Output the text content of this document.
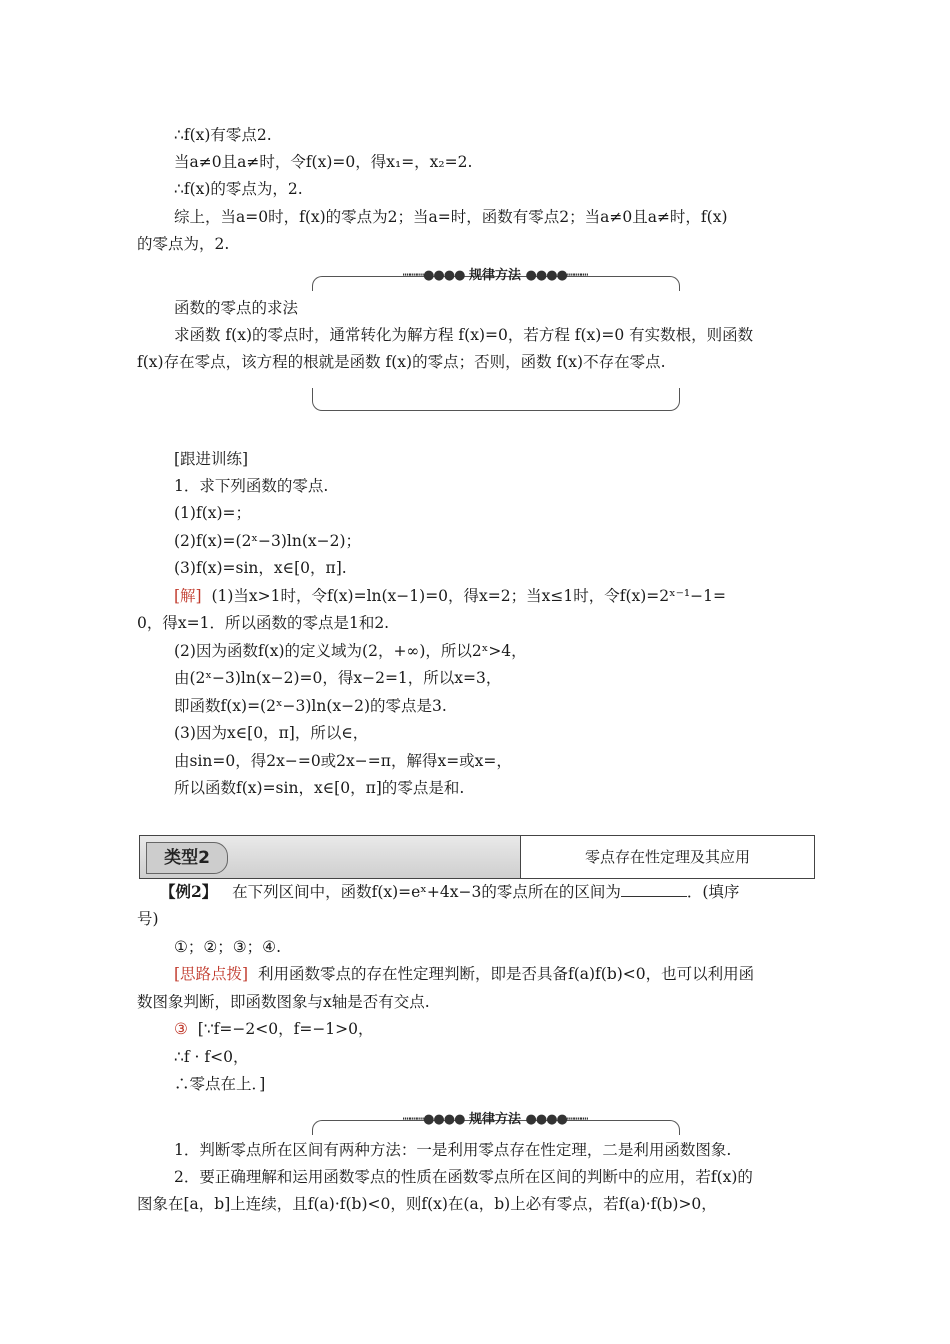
∴f(x)有零点2.
当a≠0且a≠时，令f(x)=0，得x₁=，x₂=2.
∴f(x)的零点为，2.
综上，当a=0时，f(x)的零点为2；当a=时，函数有零点2；当a≠0且a≠时，f(x)
的零点为，2.
┉┉┉●●●● 规律方法 ●●●●┉┉┉
函数的零点的求法
求函数 f(x)的零点时，通常转化为解方程 f(x)=0，若方程 f(x)=0 有实数根，则函数
f(x)存在零点，该方程的根就是函数 f(x)的零点；否则，函数 f(x)不存在零点.
[跟进训练]
1．求下列函数的零点.
(1)f(x)=；
(2)f(x)=(2ˣ−3)ln(x−2)；
(3)f(x)=sin，x∈[0，π].
[解] (1)当x>1时，令f(x)=ln(x−1)=0，得x=2；当x≤1时，令f(x)=2ˣ⁻¹−1=
0，得x=1．所以函数的零点是1和2.
(2)因为函数f(x)的定义域为(2，+∞)，所以2ˣ>4，
由(2ˣ−3)ln(x−2)=0，得x−2=1，所以x=3，
即函数f(x)=(2ˣ−3)ln(x−2)的零点是3.
(3)因为x∈[0，π]，所以∈，
由sin=0，得2x−=0或2x−=π，解得x=或x=，
所以函数f(x)=sin，x∈[0，π]的零点是和.
类型2	零点存在性定理及其应用
【例2】 在下列区间中，函数f(x)=eˣ+4x−3的零点所在的区间为	．(填序
号)
①；②；③；④.
[思路点拨] 利用函数零点的存在性定理判断，即是否具备f(a)f(b)<0，也可以利用函
数图象判断，即函数图象与x轴是否有交点.
③ [∵f=−2<0，f=−1>0，
∴f · f<0，
∴零点在上．]
┉┉┉●●●● 规律方法 ●●●●┉┉┉
1．判断零点所在区间有两种方法：一是利用零点存在性定理，二是利用函数图象.
2．要正确理解和运用函数零点的性质在函数零点所在区间的判断中的应用，若f(x)的
图象在[a，b]上连续，且f(a)·f(b)<0，则f(x)在(a，b)上必有零点，若f(a)·f(b)>0，
